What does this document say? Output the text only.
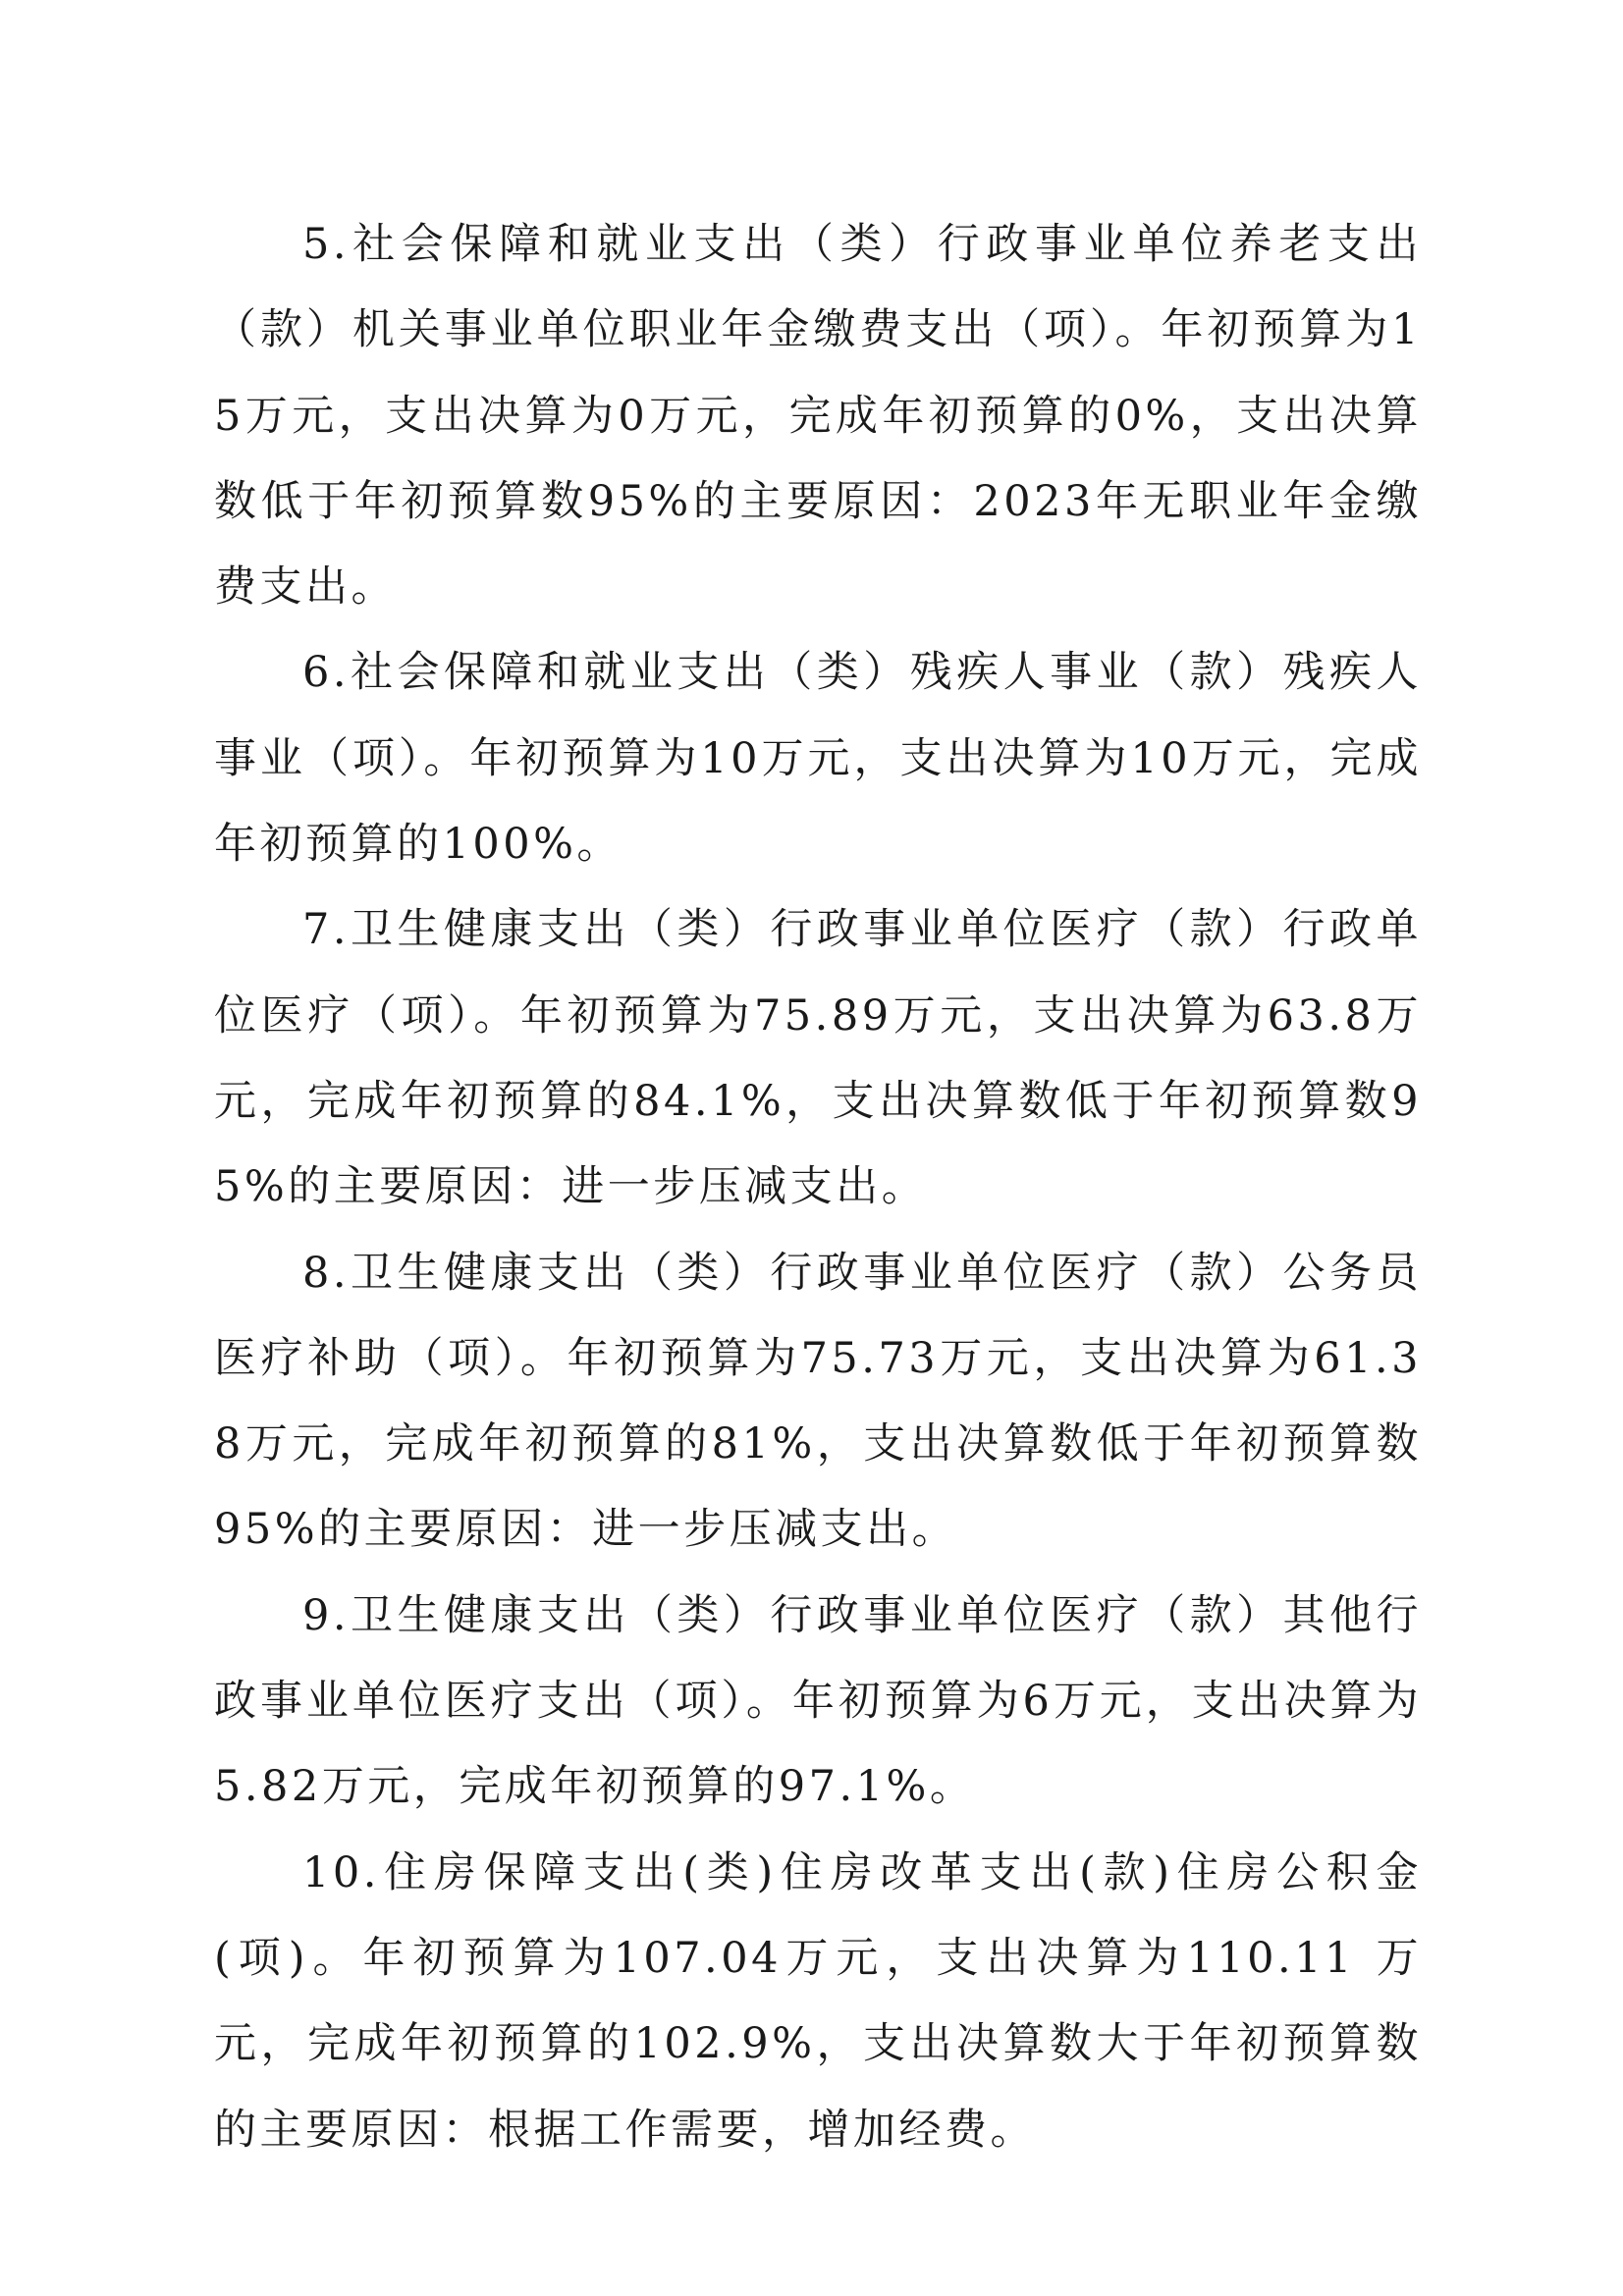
5.社会保障和就业支出（类）行政事业单位养老支出（款）机关事业单位职业年金缴费支出（项）。年初预算为15万元，支出决算为0万元，完成年初预算的0%，支出决算数低于年初预算数95%的主要原因：2023年无职业年金缴费支出。

6.社会保障和就业支出（类）残疾人事业（款）残疾人事业（项）。年初预算为10万元，支出决算为10万元，完成年初预算的100%。

7.卫生健康支出（类）行政事业单位医疗（款）行政单位医疗（项）。年初预算为75.89万元，支出决算为63.8万元，完成年初预算的84.1%，支出决算数低于年初预算数95%的主要原因：进一步压减支出。

8.卫生健康支出（类）行政事业单位医疗（款）公务员医疗补助（项）。年初预算为75.73万元，支出决算为61.38万元，完成年初预算的81%，支出决算数低于年初预算数95%的主要原因：进一步压减支出。

9.卫生健康支出（类）行政事业单位医疗（款）其他行政事业单位医疗支出（项）。年初预算为6万元，支出决算为5.82万元，完成年初预算的97.1%。

10.住房保障支出(类)住房改革支出(款)住房公积金(项)。年初预算为107.04万元，支出决算为110.11 万元，完成年初预算的102.9%，支出决算数大于年初预算数的主要原因：根据工作需要，增加经费。
